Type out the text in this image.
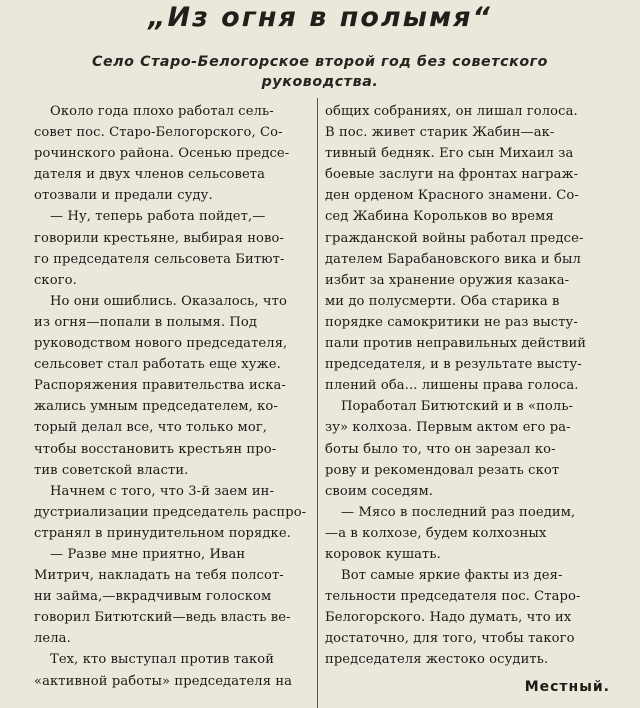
„Из огня в полымя“
Село Старо-Белогорское второй год без советского
руководства.
Около года плохо работал сель-
совет пос. Старо-Белогорского, Со-
рочинского района. Осенью предсе-
дателя и двух членов сельсовета
отозвали и предали суду.
— Ну, теперь работа пойдет,—
говорили крестьяне, выбирая ново-
го председателя сельсовета Битют-
ского.
Но они ошиблись. Оказалось, что
из огня—попали в полымя. Под
руководством нового председателя,
сельсовет стал работать еще хуже.
Распоряжения правительства иска-
жались умным председателем, ко-
торый делал все, что только мог,
чтобы восстановить крестьян про-
тив советской власти.
Начнем с того, что 3-й заем ин-
дустриализации председатель распро-
странял в принудительном порядке.
— Разве мне приятно, Иван
Митрич, накладать на тебя полсот-
ни займа,—вкрадчивым голоском
говорил Битютский—ведь власть ве-
лела.
Тех, кто выступал против такой
«активной работы» председателя на
общих собраниях, он лишал голоса.
В пос. живет старик Жабин—ак-
тивный бедняк. Его сын Михаил за
боевые заслуги на фронтах награж-
ден орденом Красного знамени. Со-
сед Жабина Корольков во время
гражданской войны работал предсе-
дателем Барабановского вика и был
избит за хранение оружия казака-
ми до полусмерти. Оба старика в
порядке самокритики не раз высту-
пали против неправильных действий
председателя, и в результате высту-
плений оба... лишены права голоса.
Поработал Битютский и в «поль-
зу» колхоза. Первым актом его ра-
боты было то, что он зарезал ко-
рову и рекомендовал резать скот
своим соседям.
— Мясо в последний раз поедим,
—а в колхозе, будем колхозных
коровок кушать.
Вот самые яркие факты из дея-
тельности председателя пос. Старо-
Белогорского. Надо думать, что их
достаточно, для того, чтобы такого
председателя жестоко осудить.
Местный.
